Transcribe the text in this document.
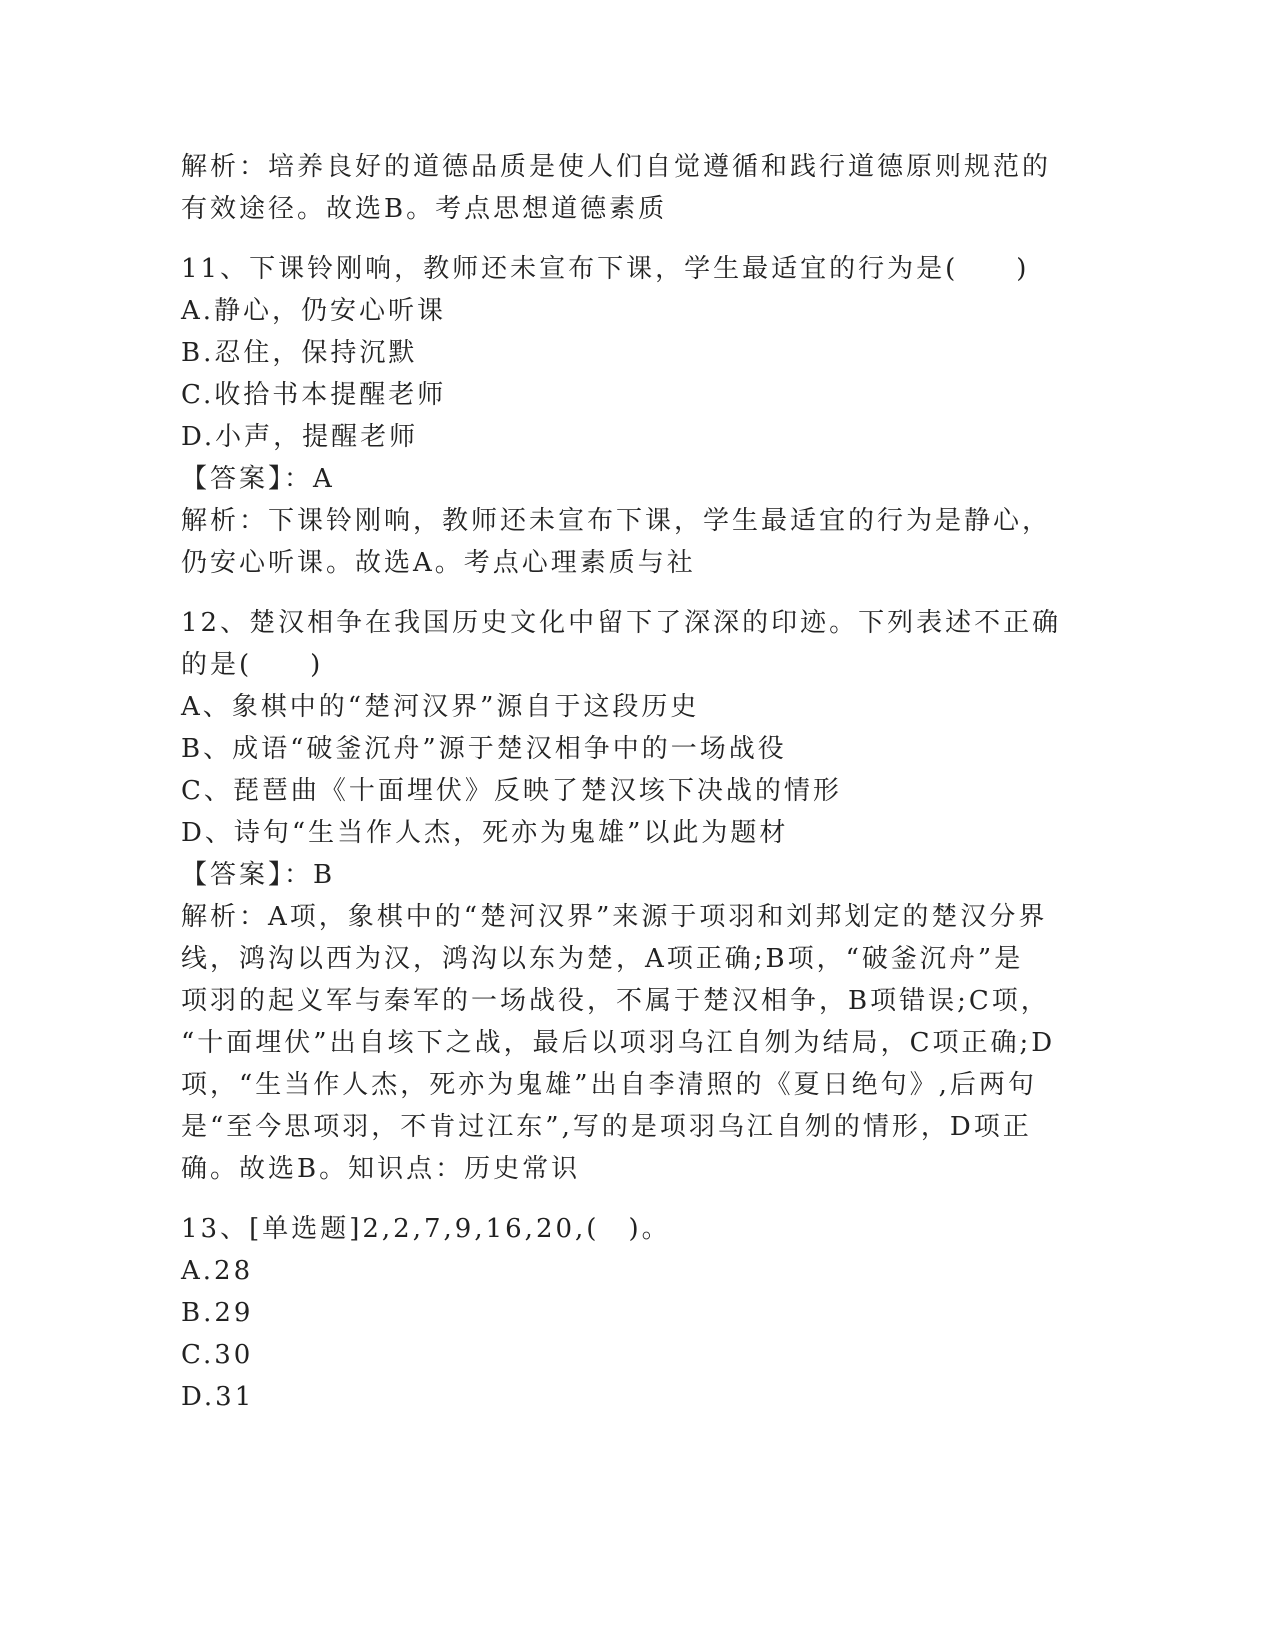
解析：培养良好的道德品质是使人们自觉遵循和践行道德原则规范的
有效途径。故选B。考点思想道德素质
11、下课铃刚响，教师还未宣布下课，学生最适宜的行为是(　　)
A.静心，仍安心听课
B.忍住，保持沉默
C.收拾书本提醒老师
D.小声，提醒老师
【答案】：A
解析：下课铃刚响，教师还未宣布下课，学生最适宜的行为是静心，
仍安心听课。故选A。考点心理素质与社
12、楚汉相争在我国历史文化中留下了深深的印迹。下列表述不正确
的是(　　)
A、象棋中的“楚河汉界”源自于这段历史
B、成语“破釜沉舟”源于楚汉相争中的一场战役
C、琵琶曲《十面埋伏》反映了楚汉垓下决战的情形
D、诗句“生当作人杰，死亦为鬼雄”以此为题材
【答案】：B
解析：A项，象棋中的“楚河汉界”来源于项羽和刘邦划定的楚汉分界
线，鸿沟以西为汉，鸿沟以东为楚，A项正确;B项，“破釜沉舟”是
项羽的起义军与秦军的一场战役，不属于楚汉相争，B项错误;C项，
“十面埋伏”出自垓下之战，最后以项羽乌江自刎为结局，C项正确;D
项，“生当作人杰，死亦为鬼雄”出自李清照的《夏日绝句》,后两句
是“至今思项羽，不肯过江东”,写的是项羽乌江自刎的情形，D项正
确。故选B。知识点：历史常识
13、[单选题]2,2,7,9,16,20,(　)。
A.28
B.29
C.30
D.31
